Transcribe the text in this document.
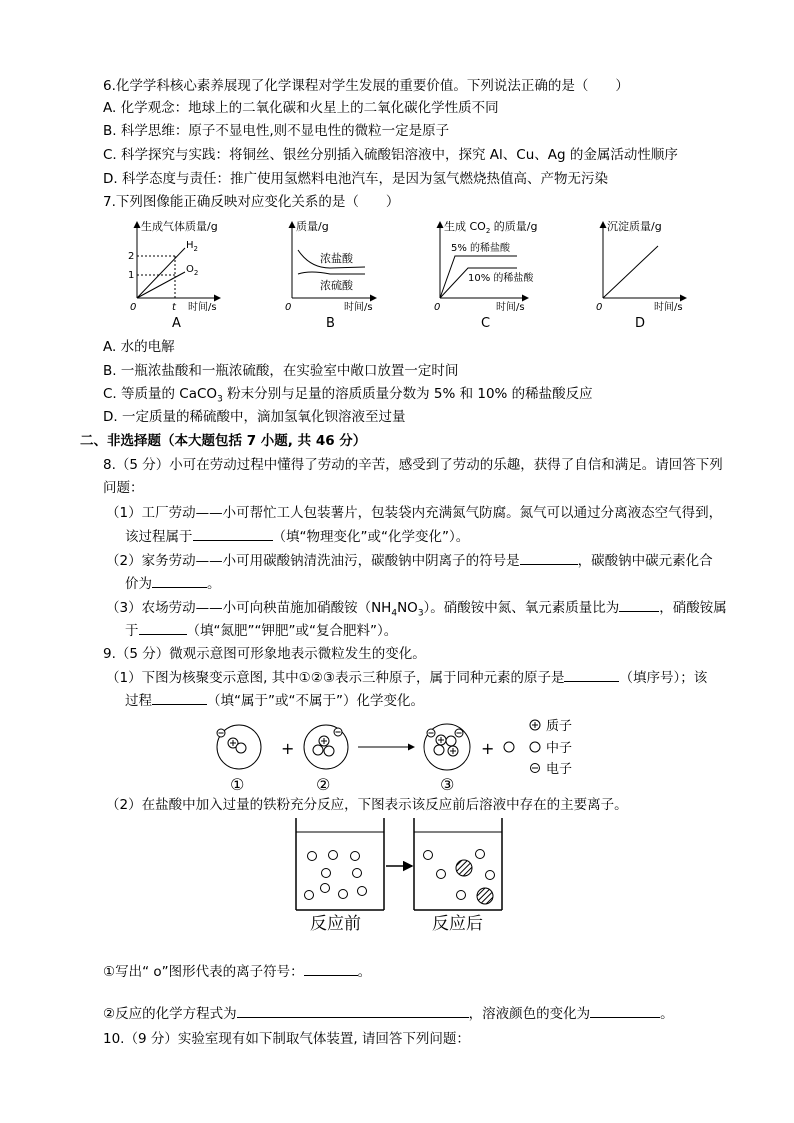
6.化学学科核心素养展现了化学课程对学生发展的重要价值。下列说法正确的是（　　）
A. 化学观念：地球上的二氧化碳和火星上的二氧化碳化学性质不同
B. 科学思维：原子不显电性,则不显电性的微粒一定是原子
C. 科学探究与实践：将铜丝、银丝分别插入硫酸铝溶液中，探究 Al、Cu、Ag 的金属活动性顺序
D. 科学态度与责任：推广使用氢燃料电池汽车，是因为氢气燃烧热值高、产物无污染
7.下列图像能正确反映对应变化关系的是（　　）
生成气体质量/g
时间/s
0	t
2
1
$H_2$
$O_2$
质量/g
时间/s
0
浓盐酸
浓硫酸
生成 $CO_2$ 的质量/g
时间/s
0
5% 的稀盐酸
10% 的稀盐酸
沉淀质量/g
时间/s
0
A	B	C	D
A. 水的电解
B. 一瓶浓盐酸和一瓶浓硫酸，在实验室中敞口放置一定时间
C. 等质量的 CaCO$_3$ 粉末分别与足量的溶质质量分数为 5% 和 10% 的稀盐酸反应
D. 一定质量的稀硫酸中，滴加氢氧化钡溶液至过量
二、非选择题（本大题包括 7 小题, 共 46 分）
8.（5 分）小可在劳动过程中懂得了劳动的辛苦，感受到了劳动的乐趣，获得了自信和满足。请回答下列
问题：
（1）工厂劳动——小可帮忙工人包装薯片，包装袋内充满氮气防腐。氮气可以通过分离液态空气得到，
该过程属于	（填“物理变化”或“化学变化”）。
（2）家务劳动——小可用碳酸钠清洗油污，碳酸钠中阴离子的符号是	，碳酸钠中碳元素化合
价为	。
（3）农场劳动——小可向秧苗施加硝酸铵$(NH_4NO_3)$。硝酸铵中氮、氧元素质量比为	，硝酸铵属
于	（填“氮肥”“钾肥”或“复合肥料”）。
9.（5 分）微观示意图可形象地表示微粒发生的变化。
（1）下图为核聚变示意图, 其中①②③表示三种原子，属于同种元素的原子是	（填序号）；该
过程	（填“属于”或“不属于”）化学变化。
+	+
质子
中子
电子
①	②	③
（2）在盐酸中加入过量的铁粉充分反应，下图表示该反应前后溶液中存在的主要离子。
反应前	反应后
①写出“ ο”图形代表的离子符号：	。
②反应的化学方程式为	，溶液颜色的变化为	。
10.（9 分）实验室现有如下制取气体装置, 请回答下列问题：
